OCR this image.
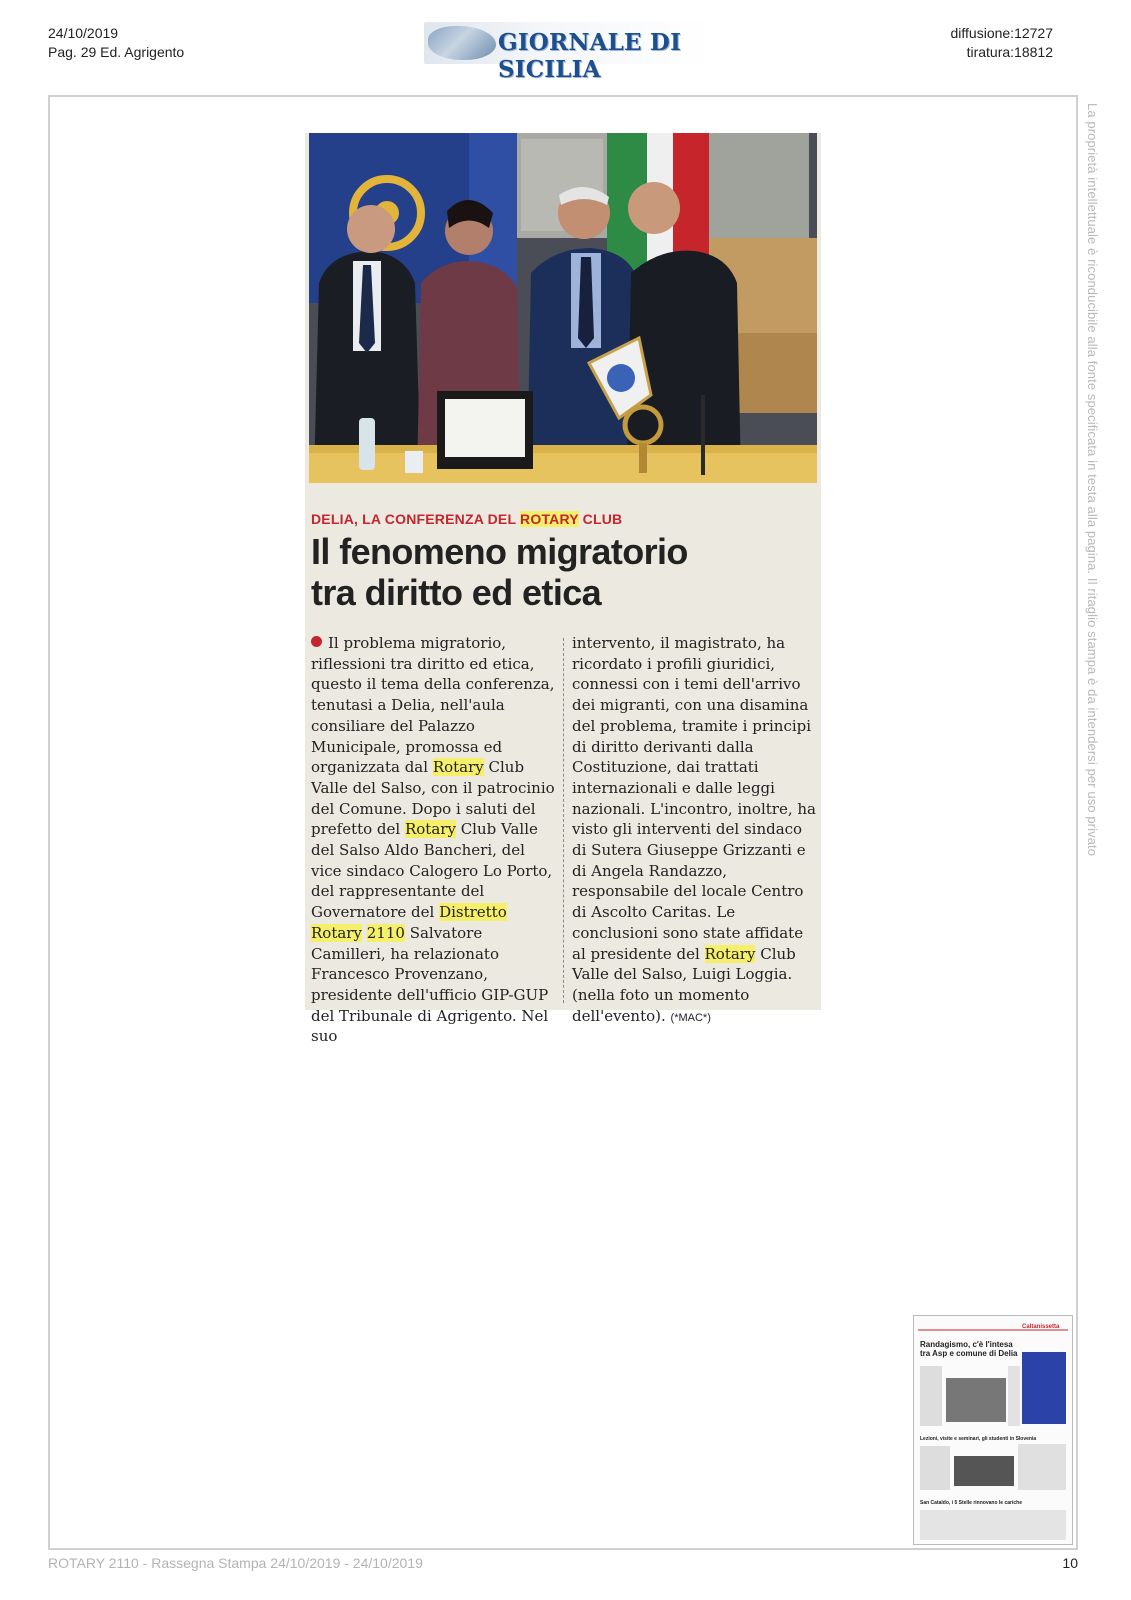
24/10/2019
Pag. 29 Ed. Agrigento	GIORNALE DI SICILIA
diffusione:12727
tiratura:18812
La proprietà intellettuale è riconducibile alla fonte specificata in testa alla pagina. Il ritaglio stampa è da intendersi per uso privato
DELIA, LA CONFERENZA DEL ROTARY CLUB
Il fenomeno migratorio
tra diritto ed etica
Il problema migratorio, riflessioni tra diritto ed etica, questo il tema della conferenza, tenutasi a Delia, nell'aula consiliare del Palazzo Municipale, promossa ed organizzata dal Rotary Club Valle del Salso, con il patrocinio del Comune. Dopo i saluti del prefetto del Rotary Club Valle del Salso Aldo Bancheri, del vice sindaco Calogero Lo Porto, del rappresentante del Governatore del Distretto Rotary 2110 Salvatore Camilleri, ha relazionato Francesco Provenzano, presidente dell'ufficio GIP-GUP del Tribunale di Agrigento. Nel suo
intervento, il magistrato, ha ricordato i profili giuridici, connessi con i temi dell'arrivo dei migranti, con una disamina del problema, tramite i principi di diritto derivanti dalla Costituzione, dai trattati internazionali e dalle leggi nazionali. L'incontro, inoltre, ha visto gli interventi del sindaco di Sutera Giuseppe Grizzanti e di Angela Randazzo, responsabile del locale Centro di Ascolto Caritas. Le conclusioni sono state affidate al presidente del Rotary Club Valle del Salso, Luigi Loggia. (nella foto un momento dell'evento). (*MAC*)
Caltanissetta
Randagismo, c'è l'intesa
tra Asp e comune di Delia
Lezioni, visite e seminari, gli studenti in Slovenia
San Cataldo, i 5 Stelle rinnovano le cariche
ROTARY 2110 - Rassegna Stampa 24/10/2019 - 24/10/2019	10
